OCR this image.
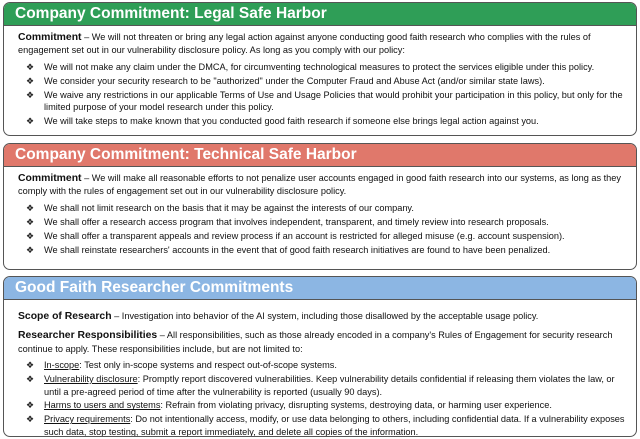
Company Commitment: Legal Safe Harbor

Commitment – We will not threaten or bring any legal action against anyone conducting good faith research who complies with the rules of engagement set out in our vulnerability disclosure policy. As long as you comply with our policy:

❖ We will not make any claim under the DMCA, for circumventing technological measures to protect the services eligible under this policy.
❖ We consider your security research to be "authorized" under the Computer Fraud and Abuse Act (and/or similar state laws).
❖ We waive any restrictions in our applicable Terms of Use and Usage Policies that would prohibit your participation in this policy, but only for the limited purpose of your model research under this policy.
❖ We will take steps to make known that you conducted good faith research if someone else brings legal action against you.
Company Commitment: Technical Safe Harbor

Commitment – We will make all reasonable efforts to not penalize user accounts engaged in good faith research into our systems, as long as they comply with the rules of engagement set out in our vulnerability disclosure policy.

❖ We shall not limit research on the basis that it may be against the interests of our company.
❖ We shall offer a research access program that involves independent, transparent, and timely review into research proposals.
❖ We shall offer a transparent appeals and review process if an account is restricted for alleged misuse (e.g. account suspension).
❖ We shall reinstate researchers' accounts in the event that of good faith research initiatives are found to have been penalized.
Good Faith Researcher Commitments

Scope of Research – Investigation into behavior of the AI system, including those disallowed by the acceptable usage policy.

Researcher Responsibilities – All responsibilities, such as those already encoded in a company's Rules of Engagement for security research continue to apply. These responsibilities include, but are not limited to:

❖ In-scope: Test only in-scope systems and respect out-of-scope systems.
❖ Vulnerability disclosure: Promptly report discovered vulnerabilities. Keep vulnerability details confidential if releasing them violates the law, or until a pre-agreed period of time after the vulnerability is reported (usually 90 days).
❖ Harms to users and systems: Refrain from violating privacy, disrupting systems, destroying data, or harming user experience.
❖ Privacy requirements: Do not intentionally access, modify, or use data belonging to others, including confidential data. If a vulnerability exposes such data, stop testing, submit a report immediately, and delete all copies of the information.
